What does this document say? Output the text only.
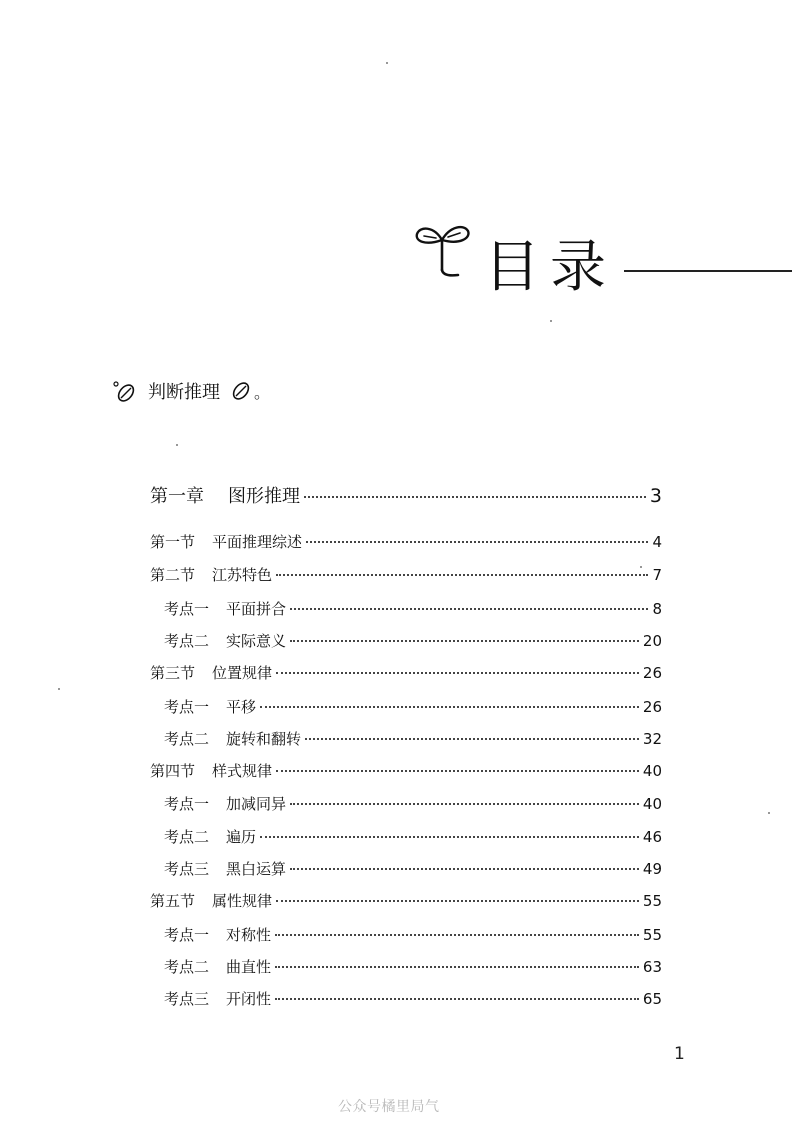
目录
判断推理 。
第一章	图形推理	3
第一节	平面推理综述	4
第二节	江苏特色	7
考点一	平面拼合	8
考点二	实际意义	20
第三节	位置规律	26
考点一	平移	26
考点二	旋转和翻转	32
第四节	样式规律	40
考点一	加减同异	40
考点二	遍历	46
考点三	黑白运算	49
第五节	属性规律	55
考点一	对称性	55
考点二	曲直性	63
考点三	开闭性	65
1
公众号橘里局气
